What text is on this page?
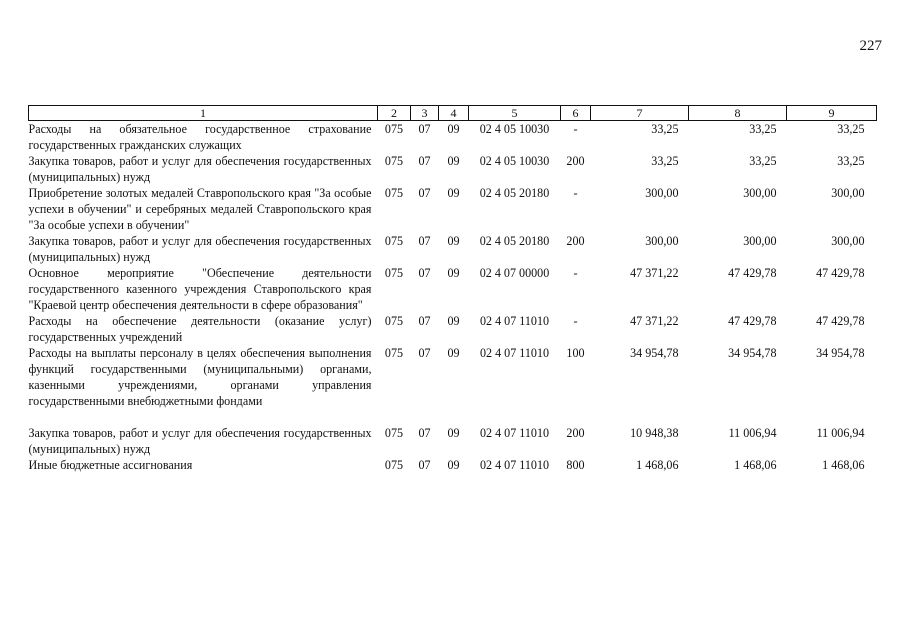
227
1	2	3	4	5	6	7	8	9
Расходы на обязательное государственное страхование государственных гражданских служащих	075	07	09	02 4 05 10030	-	33,25	33,25	33,25
Закупка товаров, работ и услуг для обеспечения государственных (муниципальных) нужд	075	07	09	02 4 05 10030	200	33,25	33,25	33,25
Приобретение золотых медалей Ставропольского края "За особые успехи в обучении" и серебряных медалей Ставропольского края "За особые успехи в обучении"	075	07	09	02 4 05 20180	-	300,00	300,00	300,00
Закупка товаров, работ и услуг для обеспечения государственных (муниципальных) нужд	075	07	09	02 4 05 20180	200	300,00	300,00	300,00
Основное мероприятие "Обеспечение деятельности государственного казенного учреждения Ставропольского края "Краевой центр обеспечения деятельности в сфере образования"	075	07	09	02 4 07 00000	-	47 371,22	47 429,78	47 429,78
Расходы на обеспечение деятельности (оказание услуг) государственных учреждений	075	07	09	02 4 07 11010	-	47 371,22	47 429,78	47 429,78
Расходы на выплаты персоналу в целях обеспечения выполнения функций государственными (муниципальными) органами, казенными учреждениями, органами управления государственными внебюджетными фондами	075	07	09	02 4 07 11010	100	34 954,78	34 954,78	34 954,78

Закупка товаров, работ и услуг для обеспечения государственных (муниципальных) нужд	075	07	09	02 4 07 11010	200	10 948,38	11 006,94	11 006,94
Иные бюджетные ассигнования	075	07	09	02 4 07 11010	800	1 468,06	1 468,06	1 468,06
